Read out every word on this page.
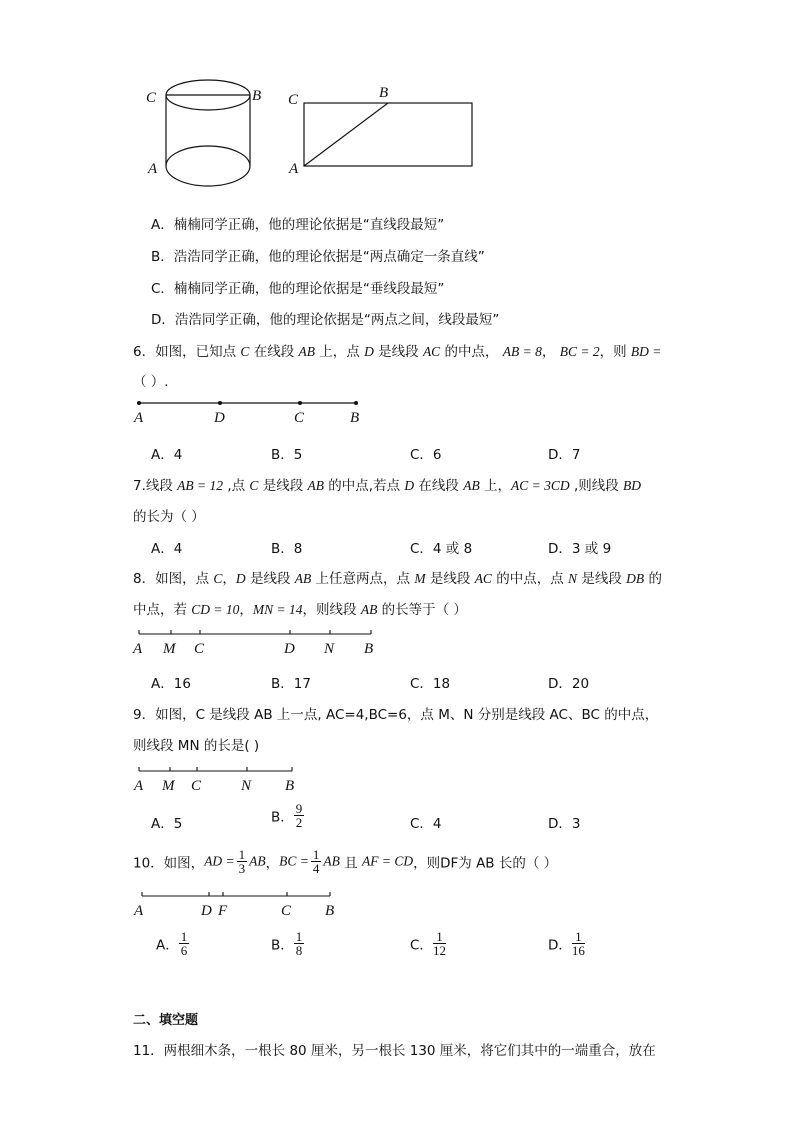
C	B
A
C	B
A
A．楠楠同学正确，他的理论依据是“直线段最短”
B．浩浩同学正确，他的理论依据是“两点确定一条直线”
C．楠楠同学正确，他的理论依据是“垂线段最短”
D．浩浩同学正确，他的理论依据是“两点之间，线段最短”
6．如图，已知点 C 在线段 AB 上，点 D 是线段 AC 的中点， AB = 8， BC = 2，则 BD =
（ ）.
A	D	C	B
A．4	B．5	C．6	D．7
7.线段 AB = 12 ,点 C 是线段 AB 的中点,若点 D 在线段 AB 上，AC = 3CD ,则线段 BD
的长为（ ）
A．4	B．8	C．4 或 8	D．3 或 9
8．如图，点 C，D 是线段 AB 上任意两点，点 M 是线段 AC 的中点，点 N 是线段 DB 的
中点，若 CD = 10，MN = 14，则线段 AB 的长等于（ ）
A M C	D N B
A．16	B．17	C．18	D．20
9．如图，C 是线段 AB 上一点, AC=4,BC=6，点 M、N 分别是线段 AC、BC 的中点，
则线段 MN 的长是( )
A M C	N B
A．5	B． $\frac{9}{2}$	C．4	D．3
10．如图，AD = $\frac{1}{3}$ AB，BC = $\frac{1}{4}$ AB 且 AF = CD，则DF为 AB 长的（ ）
A	D F	C B
A． $\frac{1}{6}$	B． $\frac{1}{8}$	C． $\frac{1}{12}$	D． $\frac{1}{16}$
二、填空题
11．两根细木条，一根长 80 厘米，另一根长 130 厘米，将它们其中的一端重合，放在
